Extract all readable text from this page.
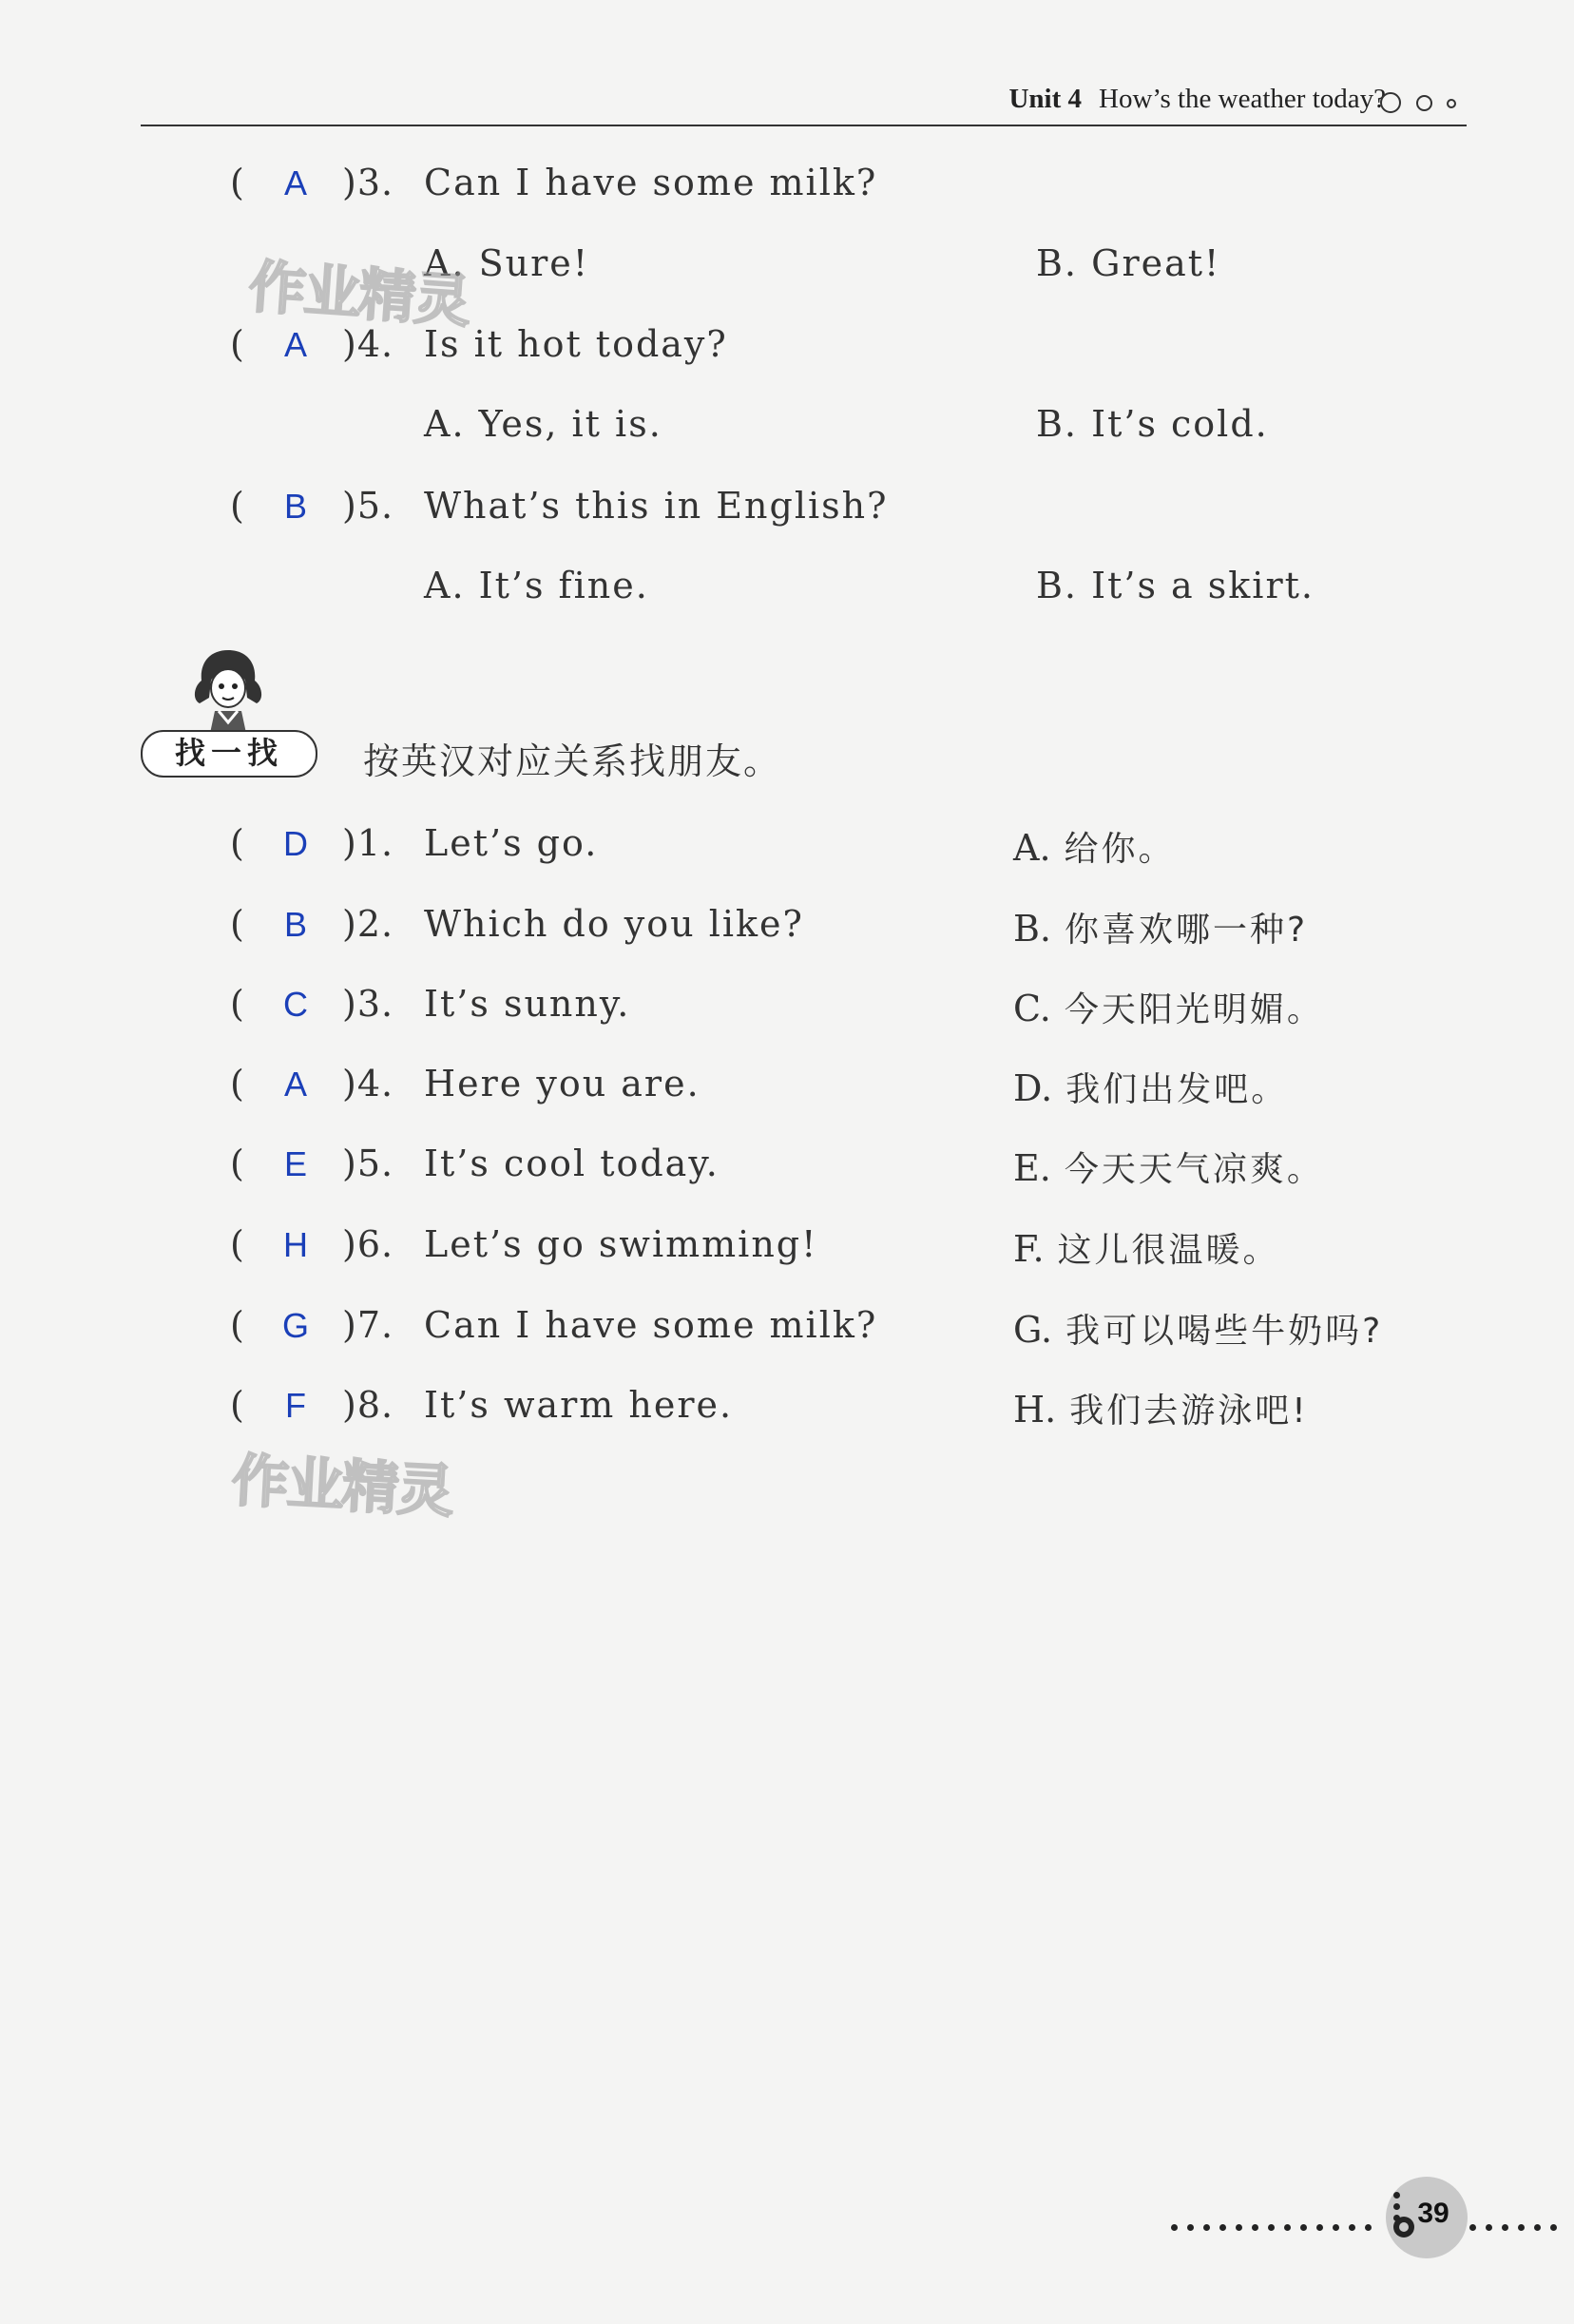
Unit 4 How’s the weather today?
(	A )3. Can I have some milk?
A. Sure!	B. Great!
(	A )4. Is it hot today?
A. Yes, it is.	B. It’s cold.
(	B )5. What’s this in English?
A. It’s fine.	B. It’s a skirt.
找一找	按英汉对应关系找朋友。
(	D )1. Let’s go.	A. 给你。
(	B )2. Which do you like?	B. 你喜欢哪一种?
(	C )3. It’s sunny.	C. 今天阳光明媚。
(	A )4. Here you are.	D. 我们出发吧。
(	E )5. It’s cool today.	E. 今天天气凉爽。
(	H )6. Let’s go swimming!	F. 这儿很温暖。
(	G )7. Can I have some milk?	G. 我可以喝些牛奶吗?
(	F	)8. It’s warm here.	H. 我们去游泳吧!
作业精灵
作业精灵
39
